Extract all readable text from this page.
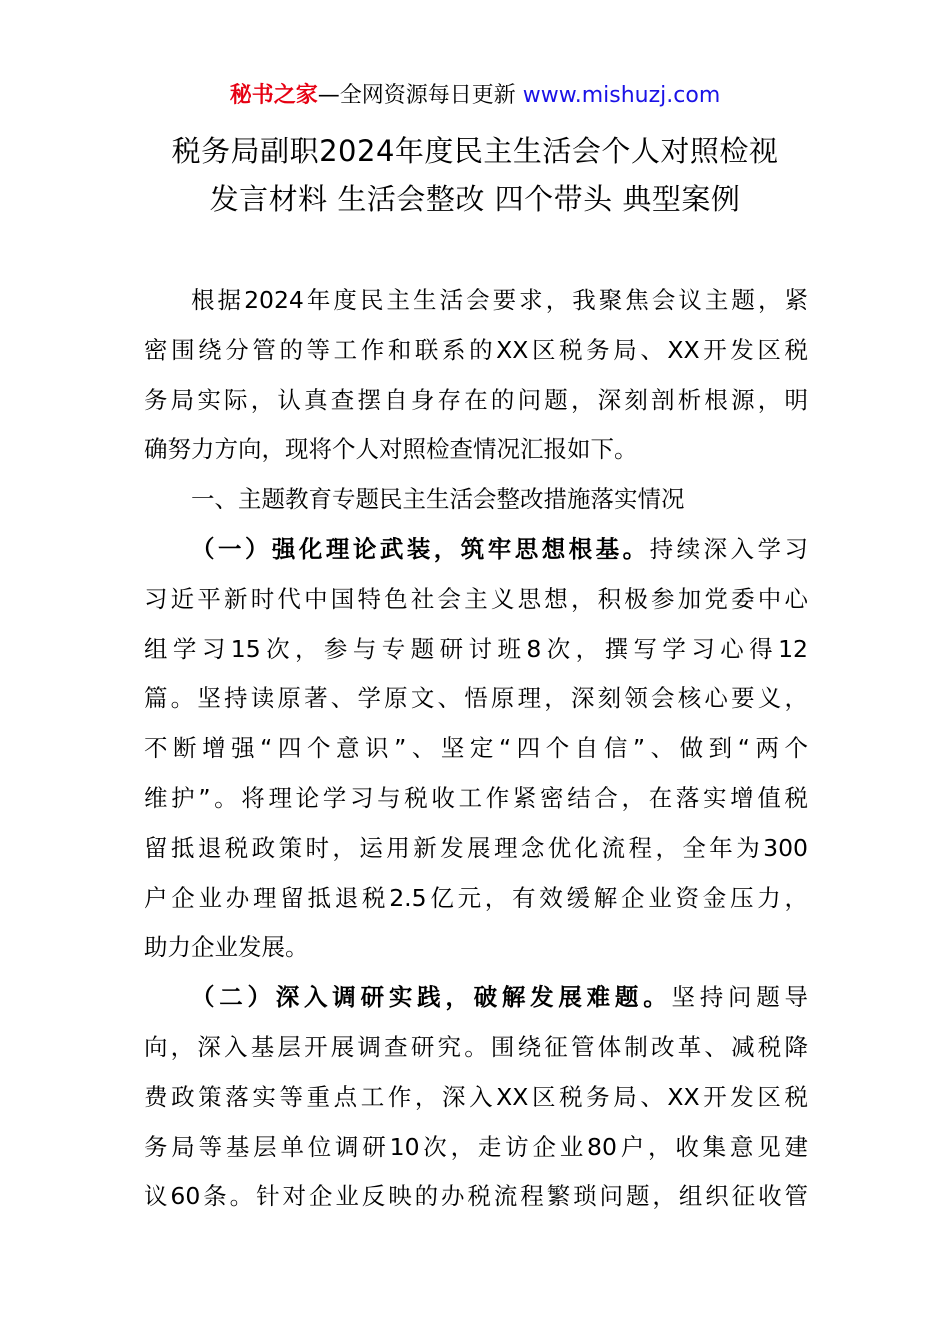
秘书之家—全网资源每日更新 www.mishuzj.com
税务局副职2024年度民主生活会个人对照检视
发言材料 生活会整改 四个带头 典型案例
根据2024年度民主生活会要求，我聚焦会议主题，紧
密围绕分管的等工作和联系的XX区税务局、XX开发区税
务局实际，认真查摆自身存在的问题，深刻剖析根源，明
确努力方向，现将个人对照检查情况汇报如下。
一、主题教育专题民主生活会整改措施落实情况
（一）强化理论武装，筑牢思想根基。持续深入学习
习近平新时代中国特色社会主义思想，积极参加党委中心
组学习15次，参与专题研讨班8次，撰写学习心得12
篇。坚持读原著、学原文、悟原理，深刻领会核心要义，
不断增强“四个意识”、坚定“四个自信”、做到“两个
维护”。将理论学习与税收工作紧密结合，在落实增值税
留抵退税政策时，运用新发展理念优化流程，全年为300
户企业办理留抵退税2.5亿元，有效缓解企业资金压力，
助力企业发展。
（二）深入调研实践，破解发展难题。坚持问题导
向，深入基层开展调查研究。围绕征管体制改革、减税降
费政策落实等重点工作，深入XX区税务局、XX开发区税
务局等基层单位调研10次，走访企业80户，收集意见建
议60条。针对企业反映的办税流程繁琐问题，组织征收管
